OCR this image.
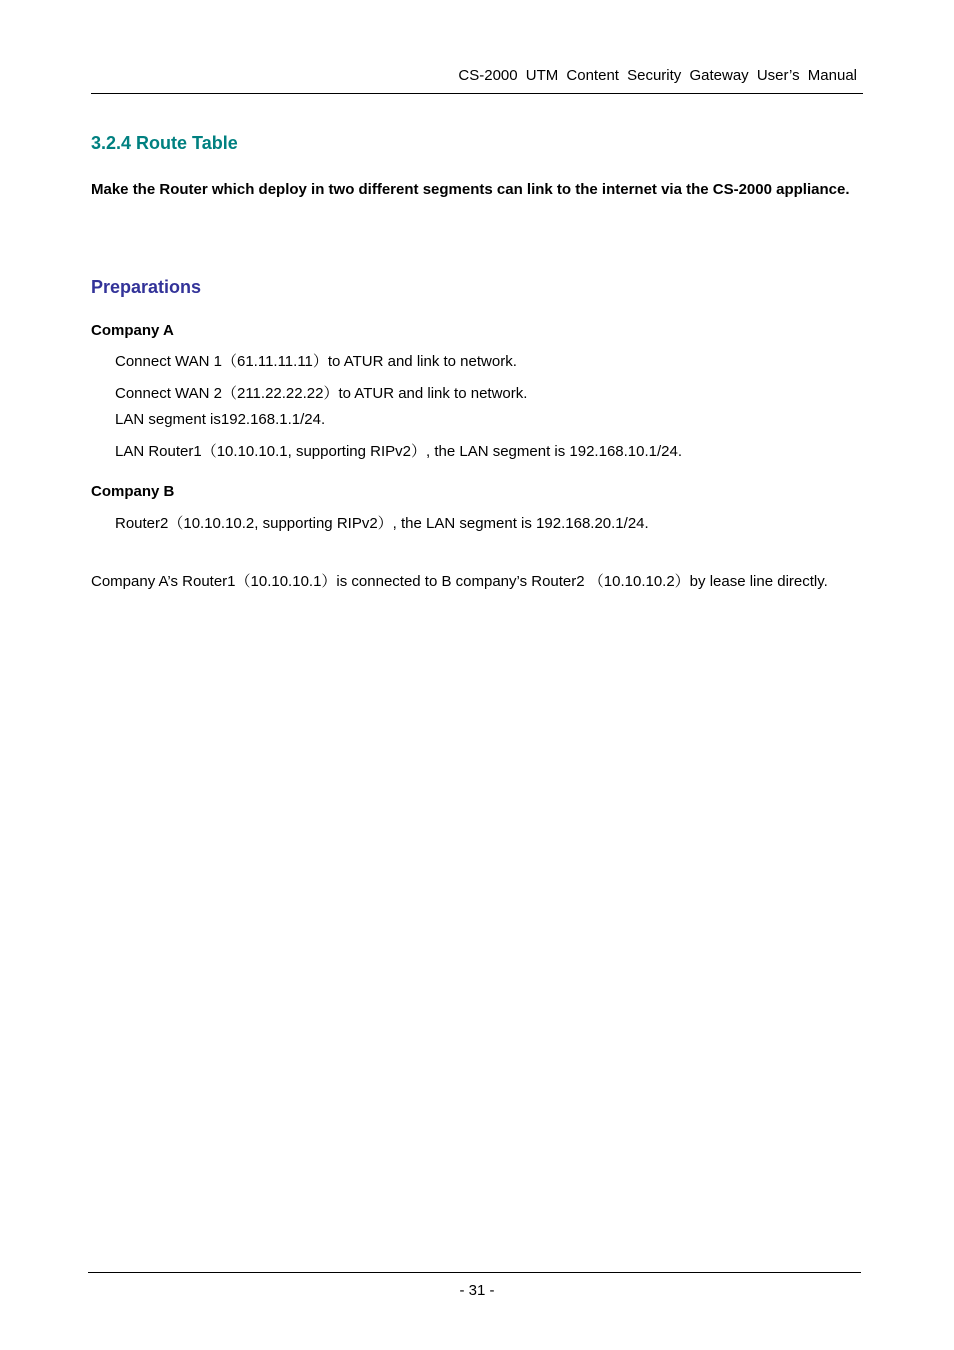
CS-2000 UTM Content Security Gateway User’s Manual
3.2.4 Route Table

Make the Router which deploy in two different segments can link to the internet via the CS-2000 appliance.

Preparations

Company A

Connect WAN 1（61.11.11.11）to ATUR and link to network.

Connect WAN 2（211.22.22.22）to ATUR and link to network.

LAN segment is192.168.1.1/24.

LAN Router1（10.10.10.1, supporting RIPv2）, the LAN segment is 192.168.10.1/24.

Company B

Router2（10.10.10.2, supporting RIPv2）, the LAN segment is 192.168.20.1/24.

Company A’s Router1（10.10.10.1）is connected to B company’s Router2 （10.10.10.2）by lease line directly.

- 31 -
